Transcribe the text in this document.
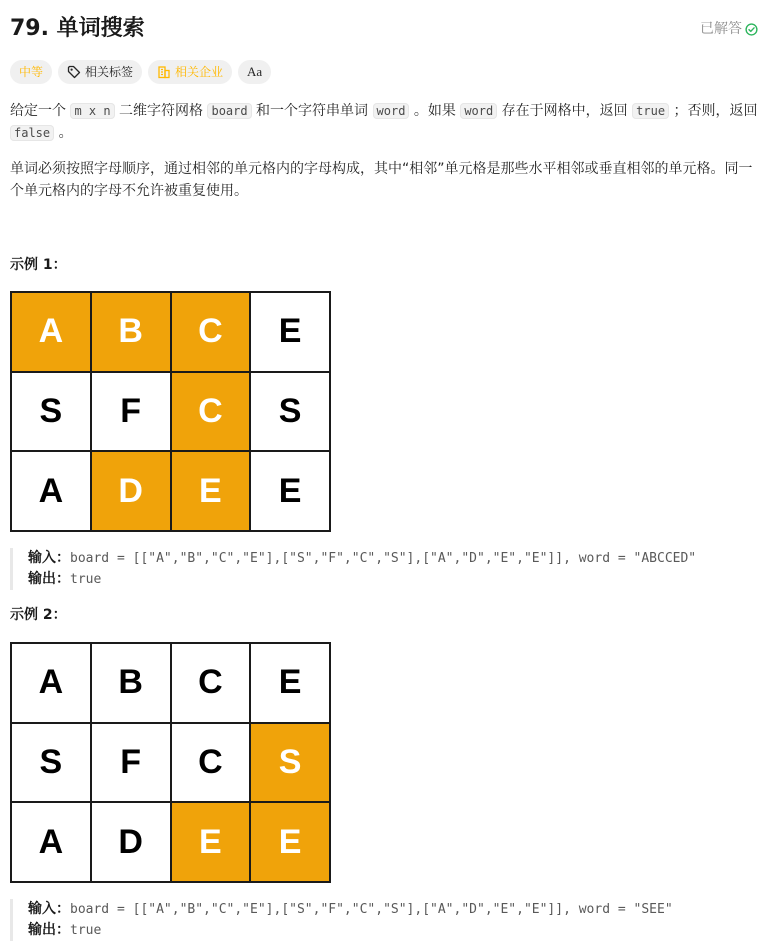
79. 单词搜索	已解答
中等	相关标签	相关企业 Aa
给定一个 m x n 二维字符网格 board 和一个字符串单词 word 。如果 word 存在于网格中，返回 true ；否则，返回 false 。
单词必须按照字母顺序，通过相邻的单元格内的字母构成，其中“相邻”单元格是那些水平相邻或垂直相邻的单元格。同一个单元格内的字母不允许被重复使用。
示例 1：
A	B	C	E
S	F	C	S
A	D	E	E
输入：board = [["A","B","C","E"],["S","F","C","S"],["A","D","E","E"]], word = "ABCCED"
输出：true
示例 2：
A	B	C	E
S	F	C	S
A	D	E	E
输入：board = [["A","B","C","E"],["S","F","C","S"],["A","D","E","E"]], word = "SEE"
输出：true
